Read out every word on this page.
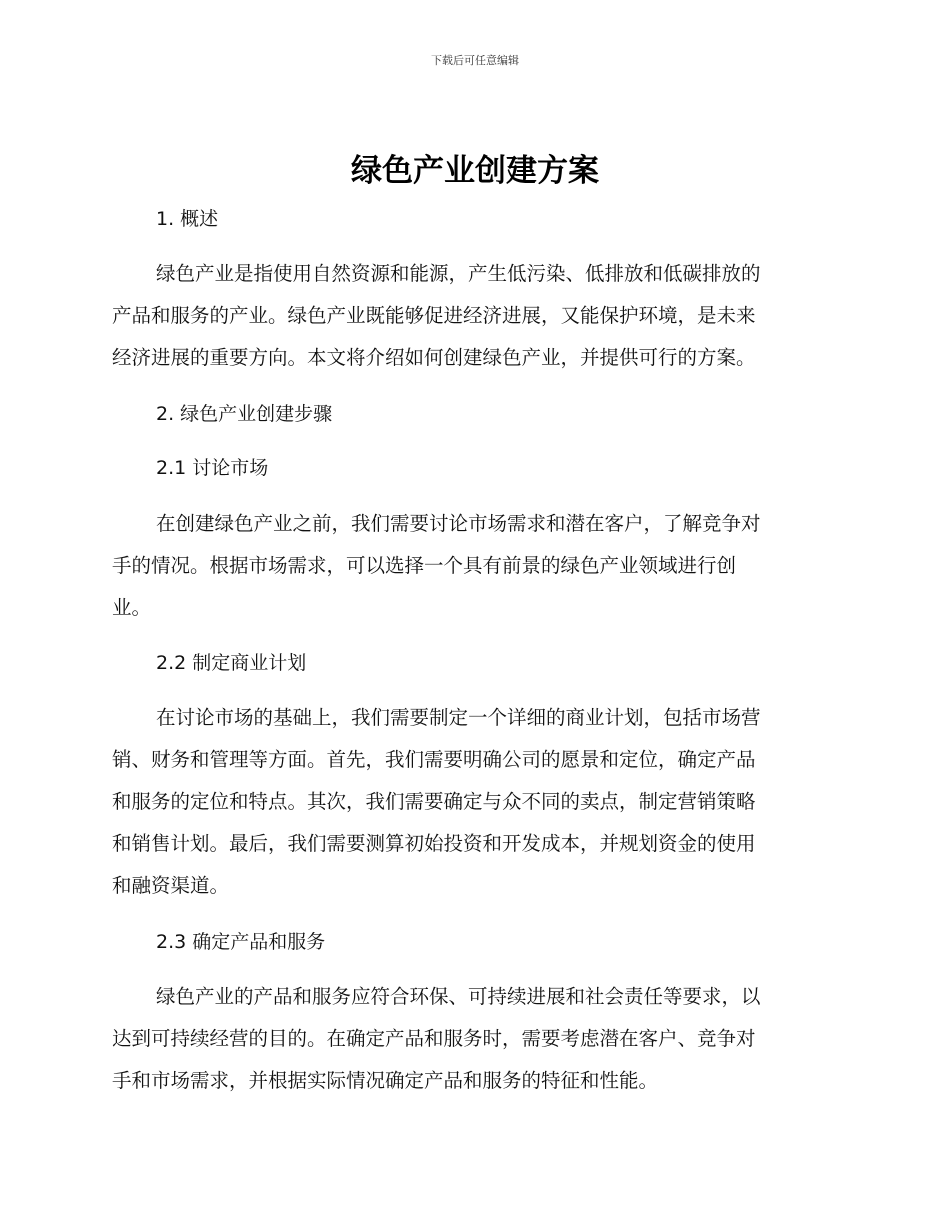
下载后可任意编辑
绿色产业创建方案
1. 概述
绿色产业是指使用自然资源和能源，产生低污染、低排放和低碳排放的
产品和服务的产业。绿色产业既能够促进经济进展，又能保护环境，是未来
经济进展的重要方向。本文将介绍如何创建绿色产业，并提供可行的方案。
2. 绿色产业创建步骤
2.1 讨论市场
在创建绿色产业之前，我们需要讨论市场需求和潜在客户，了解竞争对
手的情况。根据市场需求，可以选择一个具有前景的绿色产业领域进行创
业。
2.2 制定商业计划
在讨论市场的基础上，我们需要制定一个详细的商业计划，包括市场营
销、财务和管理等方面。首先，我们需要明确公司的愿景和定位，确定产品
和服务的定位和特点。其次，我们需要确定与众不同的卖点，制定营销策略
和销售计划。最后，我们需要测算初始投资和开发成本，并规划资金的使用
和融资渠道。
2.3 确定产品和服务
绿色产业的产品和服务应符合环保、可持续进展和社会责任等要求，以
达到可持续经营的目的。在确定产品和服务时，需要考虑潜在客户、竞争对
手和市场需求，并根据实际情况确定产品和服务的特征和性能。
